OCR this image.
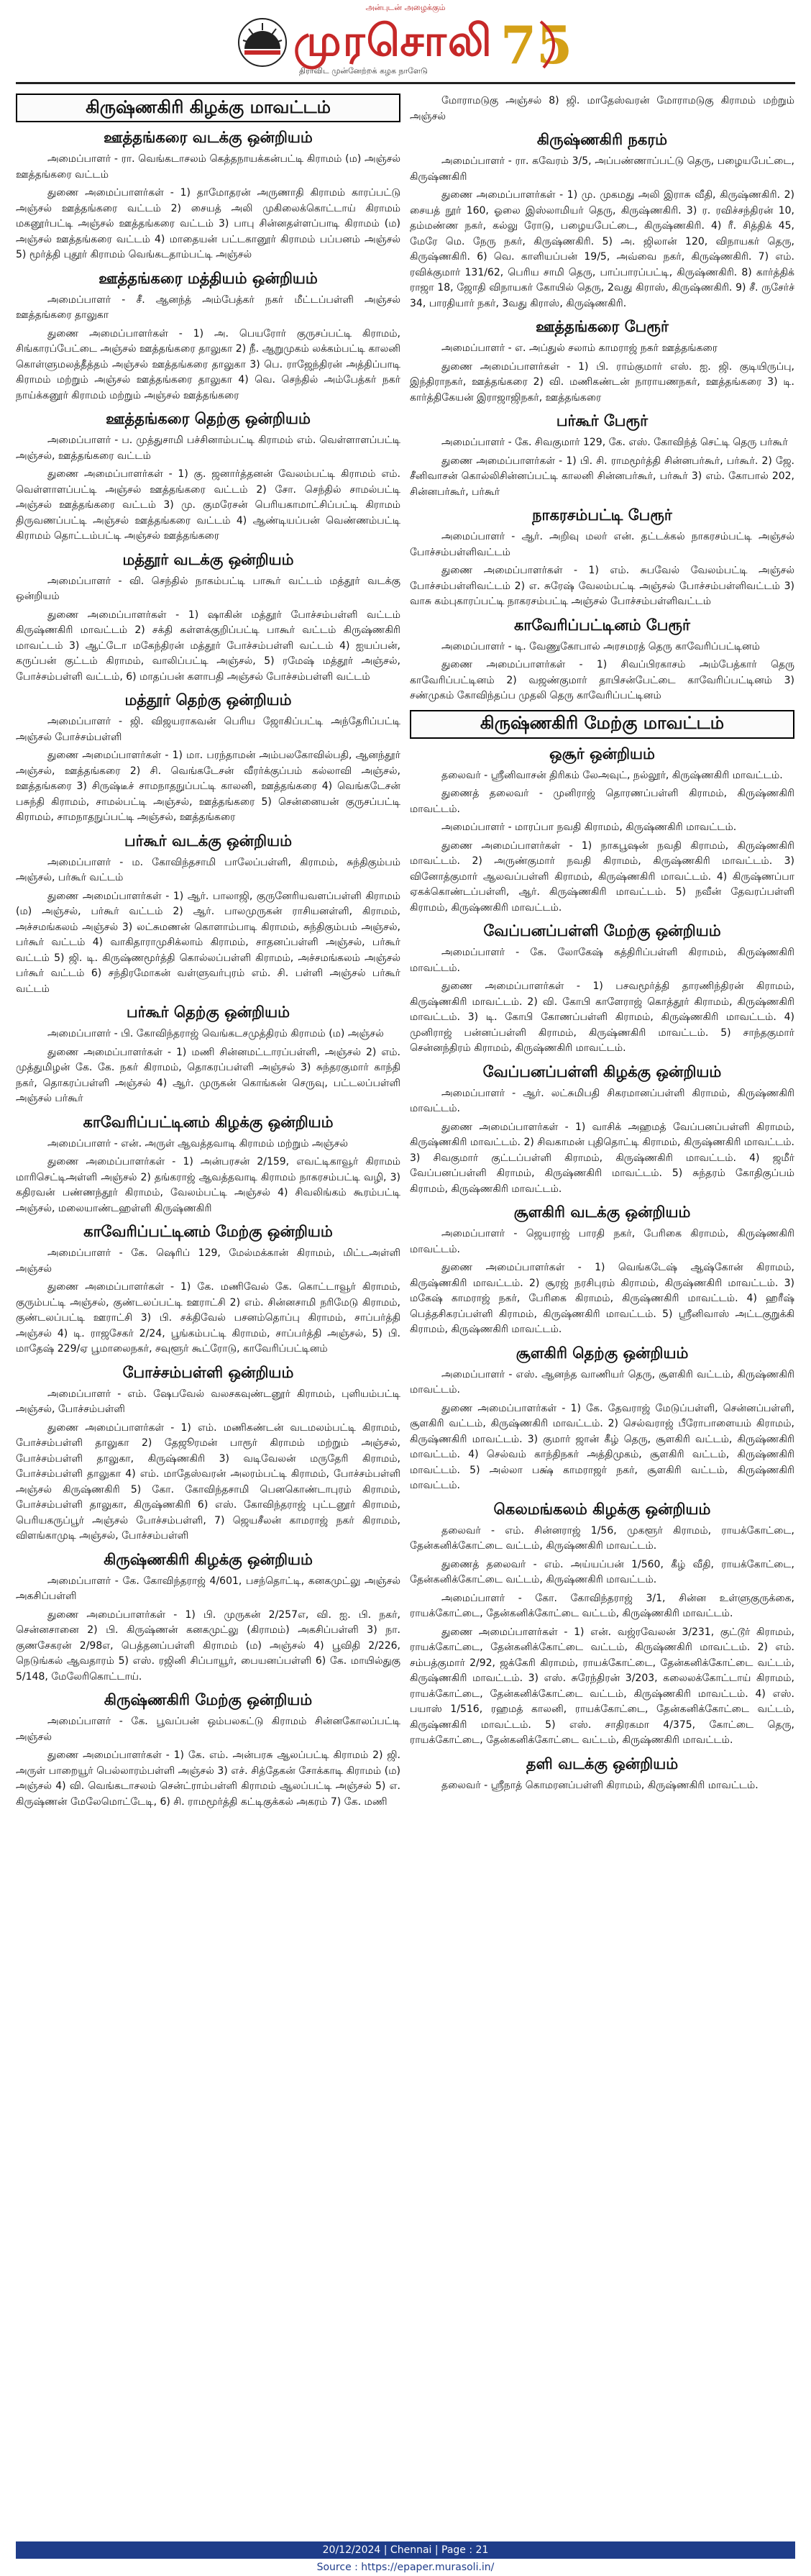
அன்புடன் அழைக்கும்
முரசொலி
திராவிட முன்னேற்றக் கழக நாளேடு 75
கிருஷ்ணகிரி கிழக்கு மாவட்டம்
ஊத்தங்கரை வடக்கு ஒன்றியம்
அமைப்பாளர் - ரா. வெங்கடாசலம் கெத்தநாயக்கன்பட்டி கிராமம் (ம) அஞ்சல் ஊத்தங்கரை வட்டம்
துணை அமைப்பாளர்கள் - 1) தாமோதரன் அருணாதி கிராமம் காரப்பட்டு அஞ்சல் ஊத்தங்கரை வட்டம் 2) சையத் அலி முகிலைக்கொட்டாய் கிராமம் மகனூர்பட்டி அஞ்சல் ஊத்தங்கரை வட்டம் 3) பாபு சின்னதள்ளப்பாடி கிராமம் (ம) அஞ்சல் ஊத்தங்கரை வட்டம் 4) மாதையன் பட்டகானூர் கிராமம் பப்பனம் அஞ்சல் 5) மூர்த்தி புதூர் கிராமம் வெங்கடதாம்பட்டி அஞ்சல்
ஊத்தங்கரை மத்தியம் ஒன்றியம்
அமைப்பாளர் - சீ. ஆனந்த் அம்பேத்கர் நகர் மீட்டப்பள்ளி அஞ்சல் ஊத்தங்கரை தாலுகா
துணை அமைப்பாளர்கள் - 1) அ. பெயரோர் குருசப்பட்டி கிராமம், சிங்காரப்பேட்டை அஞ்சல் ஊத்தங்கரை தாலுகா 2) நீ. ஆறுமுகம் லக்கம்பட்டி காலனி கொள்ளுமலத்தீத்தம் அஞ்சல் ஊத்தங்கரை தாலுகா 3) பெ. ராஜேந்திரன் அத்திப்பாடி கிராமம் மற்றும் அஞ்சல் ஊத்தங்கரை தாலுகா 4) வெ. செந்தில் அம்பேத்கர் நகர் நாய்க்கனூர் கிராமம் மற்றும் அஞ்சல் ஊத்தங்கரை
ஊத்தங்கரை தெற்கு ஒன்றியம்
அமைப்பாளர் - ப. முத்துசாமி பச்சினாம்பட்டி கிராமம் எம். வெள்ளாளப்பட்டி அஞ்சல், ஊத்தங்கரை வட்டம்
துணை அமைப்பாளர்கள் - 1) கு. ஜனார்த்தனன் வேலம்பட்டி கிராமம் எம். வெள்ளாளப்பட்டி அஞ்சல் ஊத்தங்கரை வட்டம் 2) சோ. செந்தில் சாமல்பட்டி அஞ்சல் ஊத்தங்கரை வட்டம் 3) மு. குமரேசன் பெரியகாமாட்சிப்பட்டி கிராமம் திருவணப்பட்டி அஞ்சல் ஊத்தங்கரை வட்டம் 4) ஆண்டியப்பன் வெண்ணம்பட்டி கிராமம் தொட்டம்பட்டி அஞ்சல் ஊத்தங்கரை
மத்தூர் வடக்கு ஒன்றியம்
அமைப்பாளர் - வி. செந்தில் நாகம்பட்டி பாகூர் வட்டம் மத்தூர் வடக்கு ஒன்றியம்
துணை அமைப்பாளர்கள் - 1) ஷாகின் மத்தூர் போச்சம்பள்ளி வட்டம் கிருஷ்ணகிரி மாவட்டம் 2) சக்தி கள்ளக்குறிப்பட்டி பாகூர் வட்டம் கிருஷ்ணகிரி மாவட்டம் 3) ஆட்டோ மகேந்திரன் மத்தூர் போச்சம்பள்ளி வட்டம் 4) ஐயப்பன், கருப்பன் குட்டம் கிராமம், வாலிப்பட்டி அஞ்சல், 5) ரமேஷ் மத்தூர் அஞ்சல், போச்சம்பள்ளி வட்டம், 6) மாதப்பன் களாபதி அஞ்சல் போச்சம்பள்ளி வட்டம்
மத்தூர் தெற்கு ஒன்றியம்
அமைப்பாளர் - ஜி. விஜயராகவன் பெரிய ஜோகிப்பட்டி அந்தேரிப்பட்டி அஞ்சல் போச்சம்பள்ளி
துணை அமைப்பாளர்கள் - 1) மா. பரந்தாமன் அம்பலகோவில்பதி, ஆனந்தூர் அஞ்சல், ஊத்தங்கரை 2) சி. வெங்கடேசன் வீரர்க்குப்பம் கல்லாவி அஞ்சல், ஊத்தங்கரை 3) சிருஷ்டீச் சாமநாதநுப்பட்டி காலனி, ஊத்தங்கரை 4) வெங்கடேசன் பசுந்தி கிராமம், சாமல்பட்டி அஞ்சல், ஊத்தங்கரை 5) சென்னையன் குருசப்பட்டி கிராமம், சாமநாதநுப்பட்டி அஞ்சல், ஊத்தங்கரை
பர்கூர் வடக்கு ஒன்றியம்
அமைப்பாளர் - ம. கோவிந்தசாமி பாலேப்பள்ளி, கிராமம், சுந்திகும்பம் அஞ்சல், பர்கூர் வட்டம்
துணை அமைப்பாளர்கள் - 1) ஆர். பாலாஜி, குருனேரியவளப்பள்ளி கிராமம் (ம) அஞ்சல், பர்கூர் வட்டம் 2) ஆர். பாலமுருகன் ராசியனள்ளி, கிராமம், அச்சமங்கலம் அஞ்சல் 3) லட்சுமணன் கொளாம்பாடி கிராமம், சுந்திகும்பம் அஞ்சல், பர்கூர் வட்டம் 4) வாகிதாராமுசிக்லாம் கிராமம், சாதனப்பள்ளி அஞ்சல், பர்கூர் வட்டம் 5) ஜி. டி. கிருஷ்ணமூர்த்தி கொல்லப்பள்ளி கிராமம், அச்சமங்கலம் அஞ்சல் பர்கூர் வட்டம் 6) சந்திரமோகன் வள்ளுவர்புரம் எம். சி. பள்ளி அஞ்சல் பர்கூர் வட்டம்
பர்கூர் தெற்கு ஒன்றியம்
அமைப்பாளர் - பி. கோவிந்தராஜ் வெங்கடசமுத்திரம் கிராமம் (ம) அஞ்சல்
துணை அமைப்பாளர்கள் - 1) மணி சின்னமட்டாரப்பள்ளி, அஞ்சல் 2) எம். முத்துமிழன் கே. கே. நகர் கிராமம், தொகரப்பள்ளி அஞ்சல் 3) சுந்தரகுமார் காந்தி நகர், தொகரப்பள்ளி அஞ்சல் 4) ஆர். முருகன் கொங்கன் செருவு, பட்டலப்பள்ளி அஞ்சல் பர்கூர்
காவேரிப்பட்டினம் கிழக்கு ஒன்றியம்
அமைப்பாளர் - என். அருள் ஆவத்தவாடி கிராமம் மற்றும் அஞ்சல்
துணை அமைப்பாளர்கள் - 1) அன்பரசன் 2/159, எவட்டிகாவூர் கிராமம் மாரிசெட்டிஅள்ளி அஞ்சல் 2) தங்கராஜ் ஆவத்தவாடி கிராமம் நாகரசம்பட்டி வழி, 3) கதிரவன் பண்ணந்தூர் கிராமம், வேலம்பட்டி அஞ்சல் 4) சிவலிங்கம் கூரம்பட்டி அஞ்சல், மலையாண்டஹள்ளி கிருஷ்ணகிரி
காவேரிப்பட்டினம் மேற்கு ஒன்றியம்
அமைப்பாளர் - கே. ஷெரிப் 129, மேல்மக்கான் கிராமம், மிட்டஅள்ளி அஞ்சல்
துணை அமைப்பாளர்கள் - 1) கே. மணிவேல் கே. கொட்டாவூர் கிராமம், குரும்பட்டி அஞ்சல், குண்டலப்பட்டி ஊராட்சி 2) எம். சின்னசாமி நரிமேடு கிராமம், குண்டலப்பட்டி ஊராட்சி 3) பி. சக்திவேல் பசனம்தொப்பு கிராமம், சாப்பர்த்தி அஞ்சல் 4) டி. ராஜசேகர் 2/24, பூங்கம்பட்டி கிராமம், சாப்பர்த்தி அஞ்சல், 5) பி. மாதேஷ் 229/ஏ பூமாலைநகர், சவுளூர் கூட்ரோடு, காவேரிப்பட்டினம்
போச்சம்பள்ளி ஒன்றியம்
அமைப்பாளர் - எம். ஷேபவேல் வலசகவுண்டனூர் கிராமம், புளியம்பட்டி அஞ்சல், போச்சம்பள்ளி
துணை அமைப்பாளர்கள் - 1) எம். மணிகண்டன் வடமலம்பட்டி கிராமம், போச்சம்பள்ளி தாலுகா 2) தேஜூரமன் பாரூர் கிராமம் மற்றும் அஞ்சல், போச்சம்பள்ளி தாலுகா, கிருஷ்ணகிரி 3) வடிவேலன் மருதேரி கிராமம், போச்சம்பள்ளி தாலுகா 4) எம். மாதேஸ்வரன் அலரம்பட்டி கிராமம், போச்சம்பள்ளி அஞ்சல் கிருஷ்ணகிரி 5) கோ. கோவிந்தசாமி பெனகொண்டாபுரம் கிராமம், போச்சம்பள்ளி தாலுகா, கிருஷ்ணகிரி 6) எஸ். கோவிந்தராஜ் புட்டனூர் கிராமம், பெரியகருப்பூர் அஞ்சல் போச்சம்பள்ளி, 7) ஜெயசீலன் காமராஜ் நகர் கிராமம், விளங்காமுடி அஞ்சல், போச்சம்பள்ளி
கிருஷ்ணகிரி கிழக்கு ஒன்றியம்
அமைப்பாளர் - கே. கோவிந்தராஜ் 4/601, பசந்தொட்டி, கனகமுட்லு அஞ்சல் அகசிப்பள்ளி
துணை அமைப்பாளர்கள் - 1) பி. முருகன் 2/257எ, வி. ஐ. பி. நகர், சென்னசானை 2) பி. கிருஷ்ணன் கனகமுட்லு (கிராமம்) அகசிப்பள்ளி 3) நா. குணசேகரன் 2/98எ, பெத்தனப்பள்ளி கிராமம் (ம) அஞ்சல் 4) பூவிதி 2/226, நெடுங்கல் ஆவதாரம் 5) எஸ். ரஜினி சிப்பாயூர், பையனப்பள்ளி 6) கே. மாயில்துகு 5/148, மேலேரிகொட்டாய்.
கிருஷ்ணகிரி மேற்கு ஒன்றியம்
அமைப்பாளர் - கே. பூவப்பன் ஒம்பலகட்டு கிராமம் சின்னகோலப்பட்டி அஞ்சல்
துணை அமைப்பாளர்கள் - 1) கே. எம். அன்பரசு ஆலப்பட்டி கிராமம் 2) ஜி. அருள் பாறையூர் பெல்லாரம்பள்ளி அஞ்சல் 3) எச். சித்தேகன் சோக்காடி கிராமம் (ம) அஞ்சல் 4) வி. வெங்கடாசலம் சென்ட்ராம்பள்ளி கிராமம் ஆலப்பட்டி அஞ்சல் 5) எ. கிருஷ்ணன் மேலேமொட்டேடி, 6) சி. ராமமூர்த்தி கட்டிகுக்கல் அகரம் 7) கே. மணி
மோராமடுகு அஞ்சல் 8) ஜி. மாதேஸ்வரன் மோராமடுகு கிராமம் மற்றும் அஞ்சல்
கிருஷ்ணகிரி நகரம்
அமைப்பாளர் - ரா. கவேரம் 3/5, அப்பண்ணாப்பட்டு தெரு, பழையபேட்டை, கிருஷ்ணகிரி
துணை அமைப்பாளர்கள் - 1) மு. முகமது அலி இராசு வீதி, கிருஷ்ணகிரி. 2) சையத் நூர் 160, ஓலை இஸ்லாமியர் தெரு, கிருஷ்ணகிரி. 3) ர. ரவிச்சந்திரன் 10, தம்மண்ண நகர், கல்லு ரோடு, பழையபேட்டை, கிருஷ்ணகிரி. 4) ரீ. சித்திக் 45, மேரே மெ. நேரு நகர், கிருஷ்ணகிரி. 5) அ. ஜிலான் 120, விநாயகர் தெரு, கிருஷ்ணகிரி. 6) வெ. காளியப்பன் 19/5, அவ்வை நகர், கிருஷ்ணகிரி. 7) எம். ரவிக்குமார் 131/62, பெரிய சாமி தெரு, பாப்பாரப்பட்டி, கிருஷ்ணகிரி. 8) கார்த்திக் ராஜா 18, ஜோதி விநாயகர் கோயில் தெரு, 2வது கிராஸ், கிருஷ்ணகிரி. 9) சீ. ருசேர்ச் 34, பாரதியார் நகர், 3வது கிராஸ், கிருஷ்ணகிரி.
ஊத்தங்கரை பேரூர்
அமைப்பாளர் - எ. அப்துல் சலாம் காமராஜ் நகர் ஊத்தங்கரை
துணை அமைப்பாளர்கள் - 1) பி. ராம்குமார் எஸ். ஐ. ஜி. குடியிருப்பு, இந்திராநகர், ஊத்தங்கரை 2) வி. மணிகண்டன் நாராயணநகர், ஊத்தங்கரை 3) டி. கார்த்திகேயன் இராஜாஜிநகர், ஊத்தங்கரை
பர்கூர் பேரூர்
அமைப்பாளர் - கே. சிவகுமார் 129, கே. எஸ். கோவிந்த் செட்டி தெரு பர்கூர்
துணை அமைப்பாளர்கள் - 1) பி. சி. ராமமூர்த்தி சின்னபர்கூர், பர்கூர். 2) ஜே. சீனிவாசன் கொல்லிசின்னப்பட்டி காலனி சின்னபர்கூர், பர்கூர் 3) எம். கோபால் 202, சின்னபர்கூர், பர்கூர்
நாகரசம்பட்டி பேரூர்
அமைப்பாளர் - ஆர். அறிவு மலர் என். தட்டக்கல் நாகரசம்பட்டி அஞ்சல் போச்சம்பள்ளிவட்டம்
துணை அமைப்பாளர்கள் - 1) எம். சுபவேல் வேலம்பட்டி அஞ்சல் போச்சம்பள்ளிவட்டம் 2) எ. சுரேஷ் வேலம்பட்டி அஞ்சல் போச்சம்பள்ளிவட்டம் 3) வாசு கம்புகாரப்பட்டி நாகரசம்பட்டி அஞ்சல் போச்சம்பள்ளிவட்டம்
காவேரிப்பட்டினம் பேரூர்
அமைப்பாளர் - டி. வேணுகோபால் அரசமரத் தெரு காவேரிப்பட்டினம்
துணை அமைப்பாளர்கள் - 1) சிவப்பிரகாசம் அம்பேத்கார் தெரு காவேரிப்பட்டினம் 2) வஜண்குமார் தாபிசன்பேட்டை காவேரிப்பட்டினம் 3) சண்முகம் கோவிந்தப்ப முதலி தெரு காவேரிப்பட்டினம்
கிருஷ்ணகிரி மேற்கு மாவட்டம்
ஒசூர் ஒன்றியம்
தலைவர் - ஸ்ரீனிவாசன் திரிகம் லேஅவுட், நல்லூர், கிருஷ்ணகிரி மாவட்டம்.
துணைத் தலைவர் - முனிராஜ் தொரணப்பள்ளி கிராமம், கிருஷ்ணகிரி மாவட்டம்.
அமைப்பாளர் - மாரப்பா நவதி கிராமம், கிருஷ்ணகிரி மாவட்டம்.
துணை அமைப்பாளர்கள் - 1) நாகபூஷன் நவதி கிராமம், கிருஷ்ணகிரி மாவட்டம். 2) அருண்குமார் நவதி கிராமம், கிருஷ்ணகிரி மாவட்டம். 3) வினோத்குமார் ஆலவப்பள்ளி கிராமம், கிருஷ்ணகிரி மாவட்டம். 4) கிருஷ்ணப்பா ஏகக்கொண்டப்பள்ளி, ஆர். கிருஷ்ணகிரி மாவட்டம். 5) நவீன் தேவரப்பள்ளி கிராமம், கிருஷ்ணகிரி மாவட்டம்.
வேப்பனப்பள்ளி மேற்கு ஒன்றியம்
அமைப்பாளர் - கே. லோகேஷ் கத்திரிப்பள்ளி கிராமம், கிருஷ்ணகிரி மாவட்டம்.
துணை அமைப்பாளர்கள் - 1) பசவமூர்த்தி தாரணிந்திரன் கிராமம், கிருஷ்ணகிரி மாவட்டம். 2) வி. கோபி காளேராஜ் கொத்தூர் கிராமம், கிருஷ்ணகிரி மாவட்டம். 3) டி. கோபி கோணப்பள்ளி கிராமம், கிருஷ்ணகிரி மாவட்டம். 4) முனிராஜ் பன்னப்பள்ளி கிராமம், கிருஷ்ணகிரி மாவட்டம். 5) சாந்தகுமார் சென்னந்திரம் கிராமம், கிருஷ்ணகிரி மாவட்டம்.
வேப்பனப்பள்ளி கிழக்கு ஒன்றியம்
அமைப்பாளர் - ஆர். லட்சுமிபதி சிகரமானப்பள்ளி கிராமம், கிருஷ்ணகிரி மாவட்டம்.
துணை அமைப்பாளர்கள் - 1) வாசிக் அஹமத் வேப்பனப்பள்ளி கிராமம், கிருஷ்ணகிரி மாவட்டம். 2) சிவகாமன் புதிதொட்டி கிராமம், கிருஷ்ணகிரி மாவட்டம். 3) சிவகுமார் குட்டப்பள்ளி கிராமம், கிருஷ்ணகிரி மாவட்டம். 4) ஜமீர் வேப்பனப்பள்ளி கிராமம், கிருஷ்ணகிரி மாவட்டம். 5) சுந்தரம் கோதிகுப்பம் கிராமம், கிருஷ்ணகிரி மாவட்டம்.
சூளகிரி வடக்கு ஒன்றியம்
அமைப்பாளர் - ஜெயராஜ் பாரதி நகர், பேரிகை கிராமம், கிருஷ்ணகிரி மாவட்டம்.
துணை அமைப்பாளர்கள் - 1) வெங்கடேஷ் ஆஷ்கோன் கிராமம், கிருஷ்ணகிரி மாவட்டம். 2) சூரஜ் நரசிபுரம் கிராமம், கிருஷ்ணகிரி மாவட்டம். 3) மகேஷ் காமராஜ் நகர், பேரிகை கிராமம், கிருஷ்ணகிரி மாவட்டம். 4) ஹரீஷ் பெத்தசிகரப்பள்ளி கிராமம், கிருஷ்ணகிரி மாவட்டம். 5) ஸ்ரீனிவாஸ் அட்டகுறுக்கி கிராமம், கிருஷ்ணகிரி மாவட்டம்.
சூளகிரி தெற்கு ஒன்றியம்
அமைப்பாளர் - எஸ். ஆனந்த வாணியர் தெரு, சூளகிரி வட்டம், கிருஷ்ணகிரி மாவட்டம்.
துணை அமைப்பாளர்கள் - 1) கே. தேவராஜ் மேடுப்பள்ளி, சென்னப்பள்ளி, சூளகிரி வட்டம், கிருஷ்ணகிரி மாவட்டம். 2) செல்வராஜ் பீரோபாளையம் கிராமம், கிருஷ்ணகிரி மாவட்டம். 3) குமார் ஜான் கீழ் தெரு, சூளகிரி வட்டம், கிருஷ்ணகிரி மாவட்டம். 4) செல்வம் காந்திநகர் அத்திமுகம், சூளகிரி வட்டம், கிருஷ்ணகிரி மாவட்டம். 5) அல்லா பக்ஷ் காமராஜர் நகர், சூளகிரி வட்டம், கிருஷ்ணகிரி மாவட்டம்.
கெலமங்கலம் கிழக்கு ஒன்றியம்
தலைவர் - எம். சின்னராஜ் 1/56, முகளூர் கிராமம், ராயக்கோட்டை, தேன்கனிக்கோட்டை வட்டம், கிருஷ்ணகிரி மாவட்டம்.
துணைத் தலைவர் - எம். அய்யப்பன் 1/560, கீழ் வீதி, ராயக்கோட்டை, தேன்கனிக்கோட்டை வட்டம், கிருஷ்ணகிரி மாவட்டம்.
அமைப்பாளர் - கோ. கோவிந்தராஜ் 3/1, சின்ன உள்ளுகுருக்கை, ராயக்கோட்டை, தேன்கனிக்கோட்டை வட்டம், கிருஷ்ணகிரி மாவட்டம்.
துணை அமைப்பாளர்கள் - 1) என். வஜ்ரவேலன் 3/231, குட்டூர் கிராமம், ராயக்கோட்டை, தேன்கனிக்கோட்டை வட்டம், கிருஷ்ணகிரி மாவட்டம். 2) எம். சம்பத்குமார் 2/92, ஜக்கேரி கிராமம், ராயக்கோட்டை, தேன்கனிக்கோட்டை வட்டம், கிருஷ்ணகிரி மாவட்டம். 3) எஸ். சுரேந்திரன் 3/203, கலைலக்கோட்டாய் கிராமம், ராயக்கோட்டை, தேன்கனிக்கோட்டை வட்டம், கிருஷ்ணகிரி மாவட்டம். 4) எஸ். பயாஸ் 1/516, ரஹமத் காலனி, ராயக்கோட்டை, தேன்கனிக்கோட்டை வட்டம், கிருஷ்ணகிரி மாவட்டம். 5) எஸ். சாதிரகமா 4/375, கோட்டை தெரு, ராயக்கோட்டை, தேன்கனிக்கோட்டை வட்டம், கிருஷ்ணகிரி மாவட்டம்.
தளி வடக்கு ஒன்றியம்
தலைவர் - ஸ்ரீநாத் கொமரனப்பள்ளி கிராமம், கிருஷ்ணகிரி மாவட்டம்.
20/12/2024 | Chennai | Page : 21
Source : https://epaper.murasoli.in/
